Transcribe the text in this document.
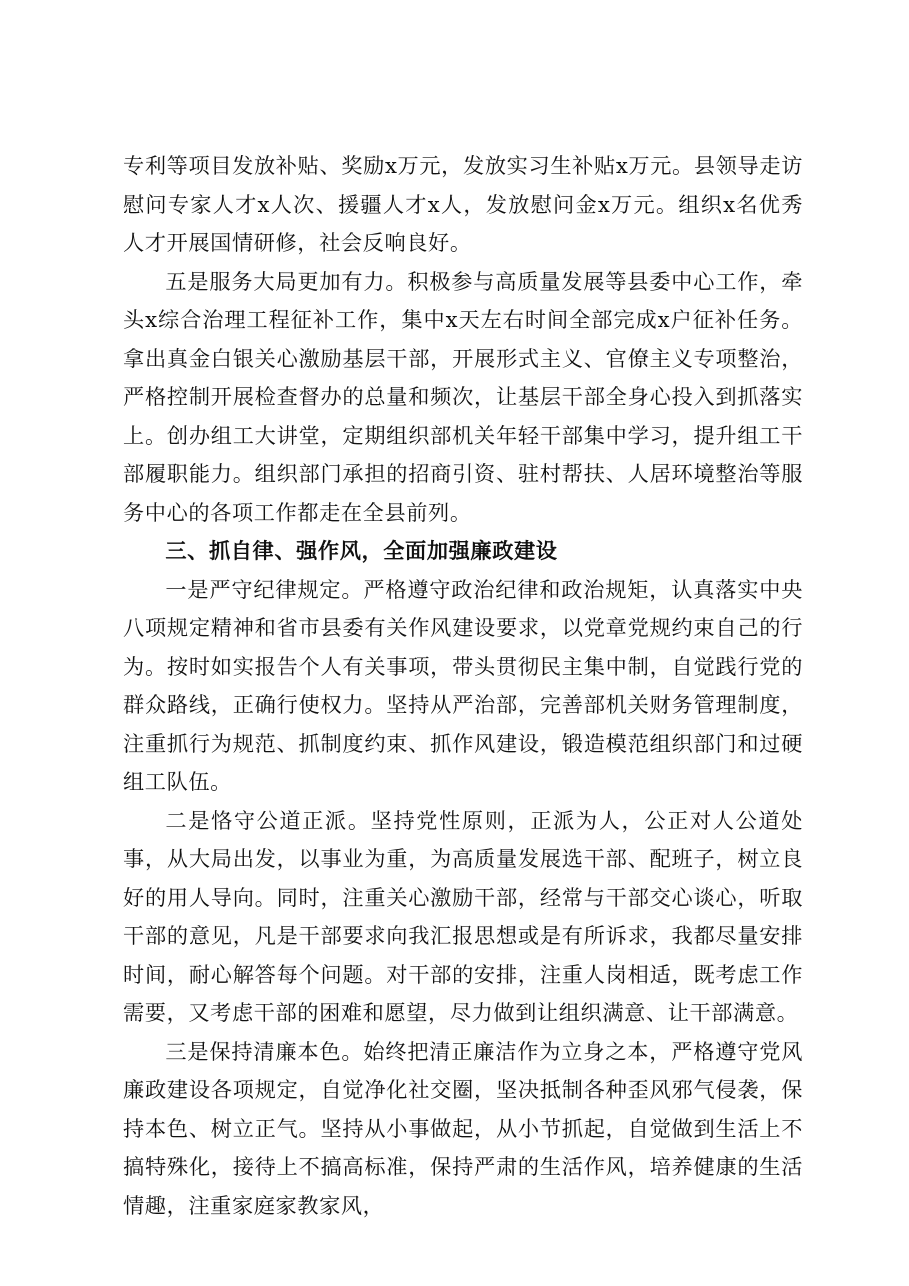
专利等项目发放补贴、奖励x万元，发放实习生补贴x万元。县领导走访慰问专家人才x人次、援疆人才x人，发放慰问金x万元。组织x名优秀人才开展国情研修，社会反响良好。

五是服务大局更加有力。积极参与高质量发展等县委中心工作，牵头x综合治理工程征补工作，集中x天左右时间全部完成x户征补任务。拿出真金白银关心激励基层干部，开展形式主义、官僚主义专项整治，严格控制开展检查督办的总量和频次，让基层干部全身心投入到抓落实上。创办组工大讲堂，定期组织部机关年轻干部集中学习，提升组工干部履职能力。组织部门承担的招商引资、驻村帮扶、人居环境整治等服务中心的各项工作都走在全县前列。

三、抓自律、强作风，全面加强廉政建设

一是严守纪律规定。严格遵守政治纪律和政治规矩，认真落实中央八项规定精神和省市县委有关作风建设要求，以党章党规约束自己的行为。按时如实报告个人有关事项，带头贯彻民主集中制，自觉践行党的群众路线，正确行使权力。坚持从严治部，完善部机关财务管理制度，注重抓行为规范、抓制度约束、抓作风建设，锻造模范组织部门和过硬组工队伍。

二是恪守公道正派。坚持党性原则，正派为人，公正对人公道处事，从大局出发，以事业为重，为高质量发展选干部、配班子，树立良好的用人导向。同时，注重关心激励干部，经常与干部交心谈心，听取干部的意见，凡是干部要求向我汇报思想或是有所诉求，我都尽量安排时间，耐心解答每个问题。对干部的安排，注重人岗相适，既考虑工作需要，又考虑干部的困难和愿望，尽力做到让组织满意、让干部满意。

三是保持清廉本色。始终把清正廉洁作为立身之本，严格遵守党风廉政建设各项规定，自觉净化社交圈，坚决抵制各种歪风邪气侵袭，保持本色、树立正气。坚持从小事做起，从小节抓起，自觉做到生活上不搞特殊化，接待上不搞高标准，保持严肃的生活作风，培养健康的生活情趣，注重家庭家教家风，
